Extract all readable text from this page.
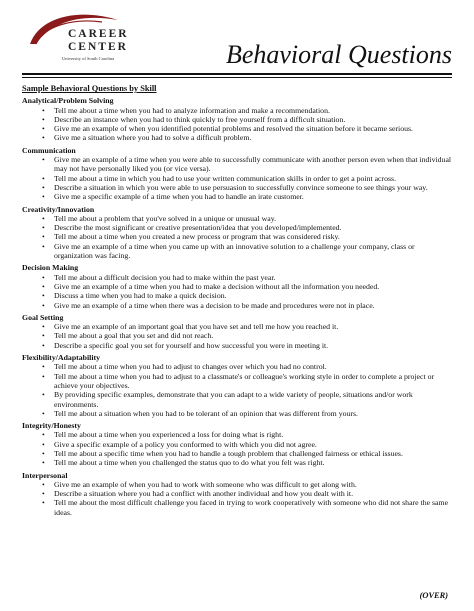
CAREER
CENTER
University of South Carolina	Behavioral Questions
Sample Behavioral Questions by Skill
Analytical/Problem Solving
• Tell me about a time when you had to analyze information and make a recommendation.
• Describe an instance when you had to think quickly to free yourself from a difficult situation.
• Give me an example of when you identified potential problems and resolved the situation before it became serious.
• Give me a situation where you had to solve a difficult problem.
Communication
• Give me an example of a time when you were able to successfully communicate with another person even when that individual may not have personally liked you (or vice versa).
• Tell me about a time in which you had to use your written communication skills in order to get a point across.
• Describe a situation in which you were able to use persuasion to successfully convince someone to see things your way.
• Give me a specific example of a time when you had to handle an irate customer.
Creativity/Innovation
• Tell me about a problem that you've solved in a unique or unusual way.
• Describe the most significant or creative presentation/idea that you developed/implemented.
• Tell me about a time when you created a new process or program that was considered risky.
• Give me an example of a time when you came up with an innovative solution to a challenge your company, class or organization was facing.
Decision Making
• Tell me about a difficult decision you had to make within the past year.
• Give me an example of a time when you had to make a decision without all the information you needed.
• Discuss a time when you had to make a quick decision.
• Give me an example of a time when there was a decision to be made and procedures were not in place.
Goal Setting
• Give me an example of an important goal that you have set and tell me how you reached it.
• Tell me about a goal that you set and did not reach.
• Describe a specific goal you set for yourself and how successful you were in meeting it.
Flexibility/Adaptability
• Tell me about a time when you had to adjust to changes over which you had no control.
• Tell me about a time when you had to adjust to a classmate's or colleague's working style in order to complete a project or achieve your objectives.
• By providing specific examples, demonstrate that you can adapt to a wide variety of people, situations and/or work environments.
• Tell me about a situation when you had to be tolerant of an opinion that was different from yours.
Integrity/Honesty
• Tell me about a time when you experienced a loss for doing what is right.
• Give a specific example of a policy you conformed to with which you did not agree.
• Tell me about a specific time when you had to handle a tough problem that challenged fairness or ethical issues.
• Tell me about a time when you challenged the status quo to do what you felt was right.
Interpersonal
• Give me an example of when you had to work with someone who was difficult to get along with.
• Describe a situation where you had a conflict with another individual and how you dealt with it.
• Tell me about the most difficult challenge you faced in trying to work cooperatively with someone who did not share the same ideas.
(OVER)
